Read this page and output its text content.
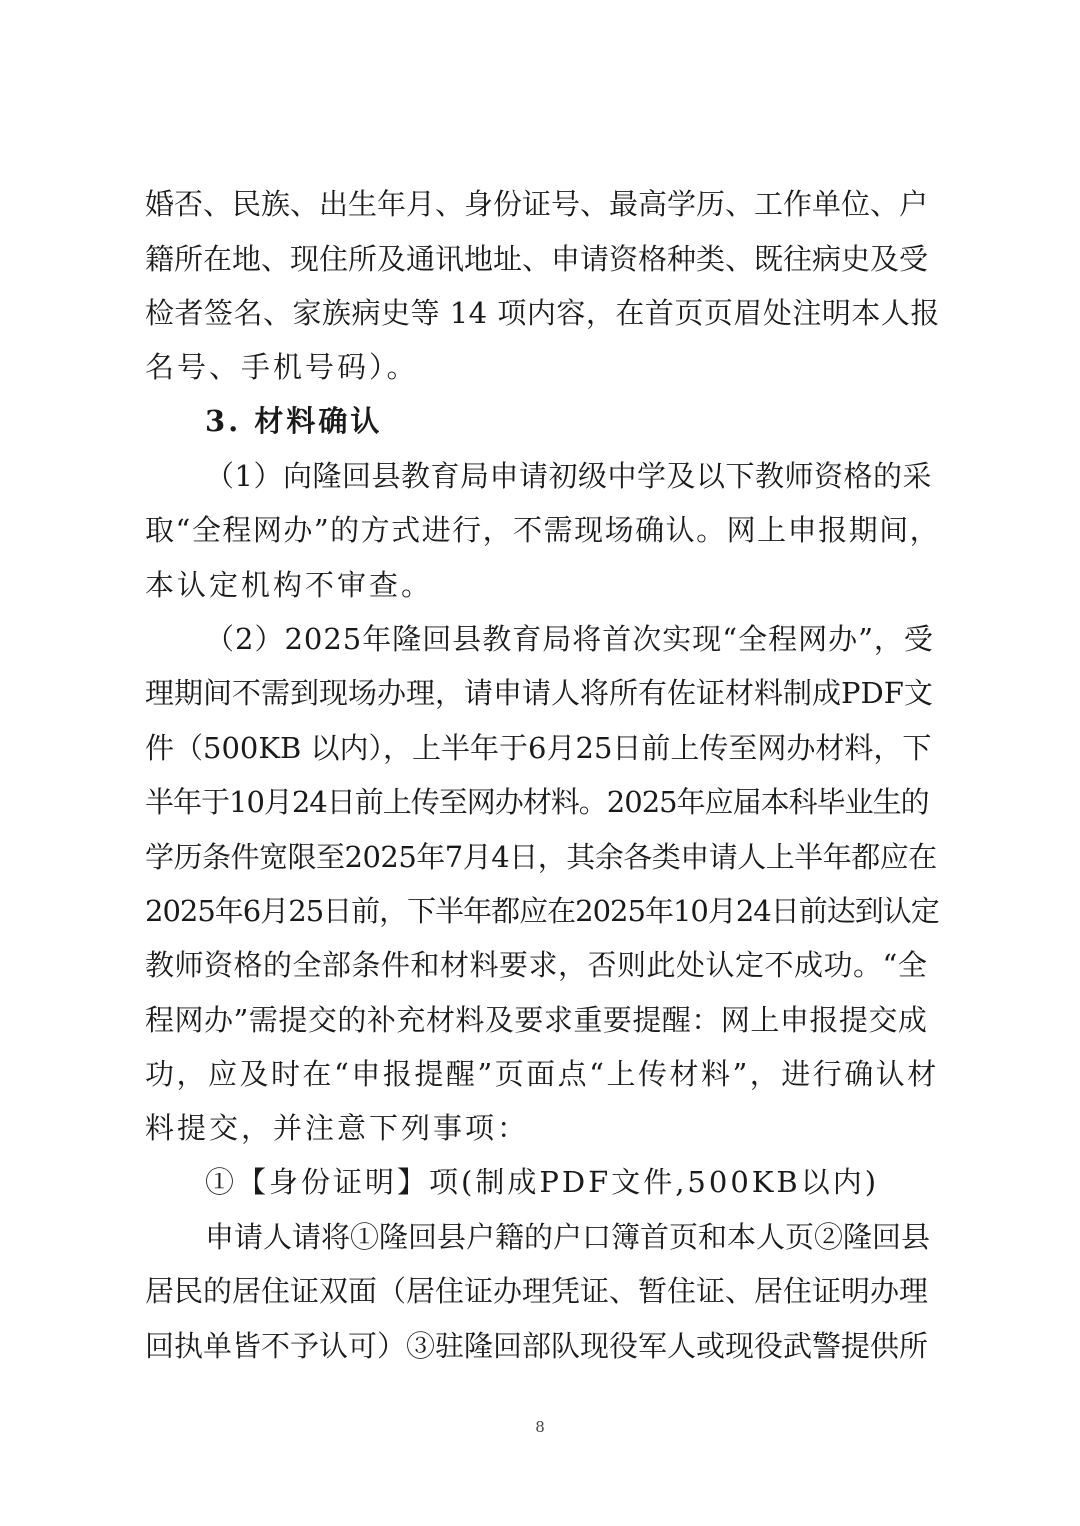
婚否、民族、出生年月、身份证号、最高学历、工作单位、户
籍所在地、现住所及通讯地址、申请资格种类、既往病史及受
检者签名、家族病史等 14 项内容，在首页页眉处注明本人报
名号、手机号码）。
3. 材料确认
（1）向隆回县教育局申请初级中学及以下教师资格的采
取“全程网办”的方式进行，不需现场确认。网上申报期间，
本认定机构不审查。
（2）2025年隆回县教育局将首次实现“全程网办”，受
理期间不需到现场办理，请申请人将所有佐证材料制成PDF文
件（500KB 以内），上半年于6月25日前上传至网办材料，下
半年于10月24日前上传至网办材料。2025年应届本科毕业生的
学历条件宽限至2025年7月4日，其余各类申请人上半年都应在
2025年6月25日前，下半年都应在2025年10月24日前达到认定
教师资格的全部条件和材料要求，否则此处认定不成功。“全
程网办”需提交的补充材料及要求重要提醒：网上申报提交成
功，应及时在“申报提醒”页面点“上传材料”，进行确认材
料提交，并注意下列事项：
①【身份证明】项(制成PDF文件,500KB以内)
申请人请将①隆回县户籍的户口簿首页和本人页②隆回县
居民的居住证双面（居住证办理凭证、暂住证、居住证明办理
回执单皆不予认可）③驻隆回部队现役军人或现役武警提供所
8
